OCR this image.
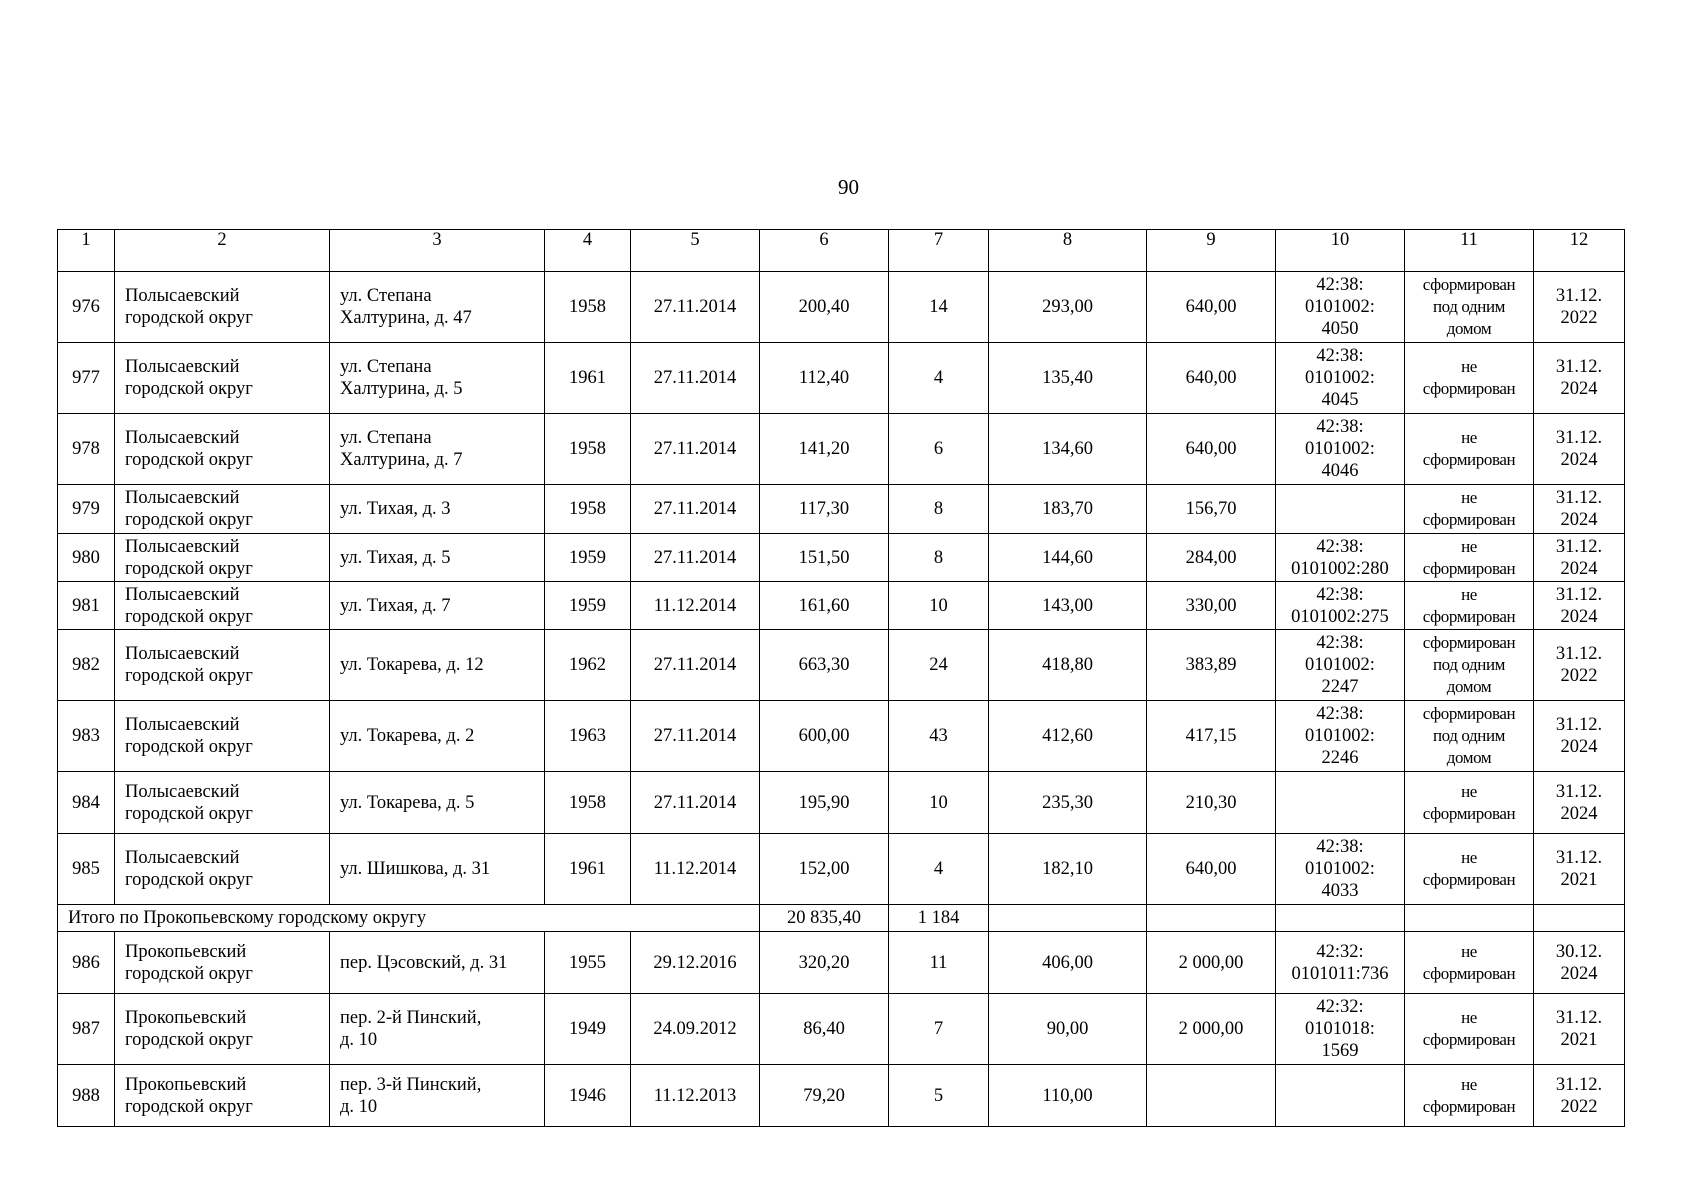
90
1	2	3	4	5	6	7	8	9	10	11	12
976	Полысаевский
городской округ	ул. Степана
Халтурина, д. 47	1958	27.11.2014	200,40	14	293,00	640,00	42:38:
0101002:
4050	сформирован
под одним
домом	31.12.
2022
977	Полысаевский
городской округ	ул. Степана
Халтурина, д. 5	1961	27.11.2014	112,40	4	135,40	640,00	42:38:
0101002:
4045	не
сформирован	31.12.
2024
978	Полысаевский
городской округ	ул. Степана
Халтурина, д. 7	1958	27.11.2014	141,20	6	134,60	640,00	42:38:
0101002:
4046	не
сформирован	31.12.
2024
979	Полысаевский
городской округ	ул. Тихая, д. 3	1958	27.11.2014	117,30	8	183,70	156,70		не
сформирован	31.12.
2024
980	Полысаевский
городской округ	ул. Тихая, д. 5	1959	27.11.2014	151,50	8	144,60	284,00	42:38:
0101002:280	не
сформирован	31.12.
2024
981	Полысаевский
городской округ	ул. Тихая, д. 7	1959	11.12.2014	161,60	10	143,00	330,00	42:38:
0101002:275	не
сформирован	31.12.
2024
982	Полысаевский
городской округ	ул. Токарева, д. 12	1962	27.11.2014	663,30	24	418,80	383,89	42:38:
0101002:
2247	сформирован
под одним
домом	31.12.
2022
983	Полысаевский
городской округ	ул. Токарева, д. 2	1963	27.11.2014	600,00	43	412,60	417,15	42:38:
0101002:
2246	сформирован
под одним
домом	31.12.
2024
984	Полысаевский
городской округ	ул. Токарева, д. 5	1958	27.11.2014	195,90	10	235,30	210,30		не
сформирован	31.12.
2024
985	Полысаевский
городской округ	ул. Шишкова, д. 31	1961	11.12.2014	152,00	4	182,10	640,00	42:38:
0101002:
4033	не
сформирован	31.12.
2021
Итого по Прокопьевскому городскому округу					20 835,40	1 184					
986	Прокопьевский
городской округ	пер. Цэсовский, д. 31	1955	29.12.2016	320,20	11	406,00	2 000,00	42:32:
0101011:736	не
сформирован	30.12.
2024
987	Прокопьевский
городской округ	пер. 2-й Пинский,
д. 10	1949	24.09.2012	86,40	7	90,00	2 000,00	42:32:
0101018:
1569	не
сформирован	31.12.
2021
988	Прокопьевский
городской округ	пер. 3-й Пинский,
д. 10	1946	11.12.2013	79,20	5	110,00			не
сформирован	31.12.
2022
